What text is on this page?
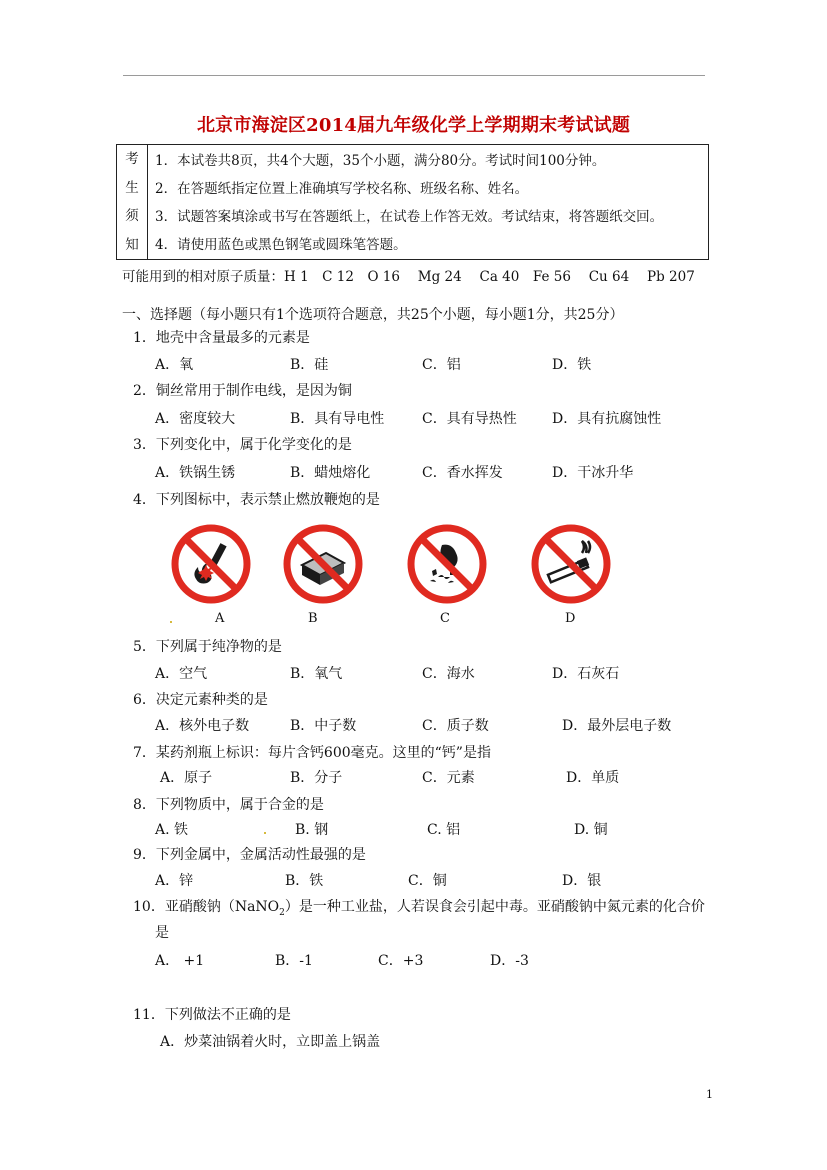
北京市海淀区2014届九年级化学上学期期末考试试题
考
生
须
知

1．本试卷共8页，共4个大题，35个小题，满分80分。考试时间100分钟。
2．在答题纸指定位置上准确填写学校名称、班级名称、姓名。
3．试题答案填涂或书写在答题纸上，在试卷上作答无效。考试结束，将答题纸交回。
4．请使用蓝色或黑色钢笔或圆珠笔答题。
可能用到的相对原子质量：H 1　C 12　O 16　 Mg 24　 Ca 40　Fe 56　 Cu 64　 Pb 207
一、选择题（每小题只有1个选项符合题意，共25个小题，每小题1分，共25分）
1．地壳中含量最多的元素是
A．氧	B．硅	C．铝	D．铁
2．铜丝常用于制作电线，是因为铜
A．密度较大	B．具有导电性	C．具有导热性	D．具有抗腐蚀性
3．下列变化中，属于化学变化的是
A．铁锅生锈	B．蜡烛熔化	C．香水挥发	D．干冰升华
4．下列图标中，表示禁止燃放鞭炮的是
A	B	C	D
5．下列属于纯净物的是
A．空气	B．氧气	C．海水	D．石灰石
6．决定元素种类的是
A．核外电子数	B．中子数	C．质子数	D．最外层电子数
7．某药剂瓶上标识：每片含钙600毫克。这里的“钙”是指
A．原子	B．分子	C．元素	D．单质
8．下列物质中，属于合金的是
A. 铁	B. 钢	C. 铝	D. 铜
9．下列金属中，金属活动性最强的是
A．锌	B．铁	C．铜	D．银
10．亚硝酸钠（NaNO$_2$）是一种工业盐，人若误食会引起中毒。亚硝酸钠中氮元素的化合价
是
A． +1	B．-1	C．+3	D．-3
11．下列做法不正确的是
A．炒菜油锅着火时，立即盖上锅盖
1
